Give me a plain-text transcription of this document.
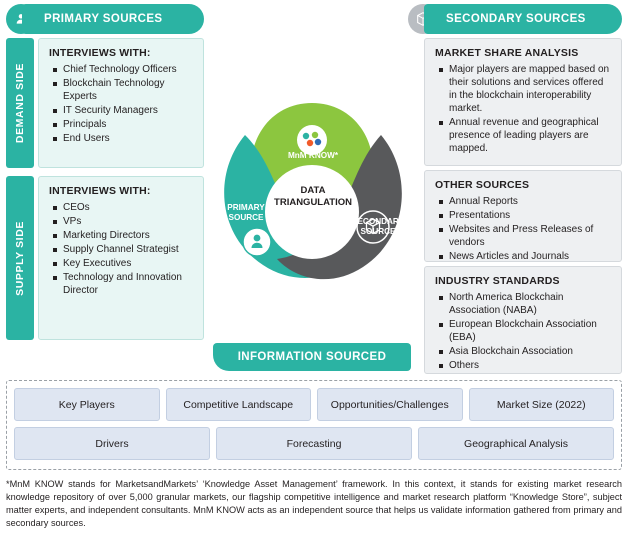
PRIMARY SOURCES	SECONDARY SOURCES
DEMAND SIDE
SUPPLY SIDE
INTERVIEWS WITH:
Chief Technology Officers
Blockchain Technology Experts
IT Security Managers
Principals
End Users
INTERVIEWS WITH:
CEOs
VPs
Marketing Directors
Supply Channel Strategist
Key Executives
Technology and Innovation Director
MARKET SHARE ANALYSIS
Major players are mapped based on their solutions and services offered in the blockchain interoperability market.
Annual revenue and geographical presence of leading players are mapped.
OTHER SOURCES
Annual Reports
Presentations
Websites and Press Releases of vendors
News Articles and Journals
INDUSTRY STANDARDS
North America Blockchain Association (NABA)
European Blockchain Association (EBA)
Asia Blockchain Association
Others
DATA TRIANGULATION
MnM KNOW*
PRIMARY SOURCE	SECONDARY SOURCE
INFORMATION SOURCED
Key Players	Competitive Landscape	Opportunities/Challenges	Market Size (2022)
Drivers	Forecasting	Geographical Analysis
*MnM KNOW stands for MarketsandMarkets’ ‘Knowledge Asset Management’ framework. In this context, it stands for existing market research knowledge repository of over 5,000 granular markets, our flagship competitive intelligence and market research platform “Knowledge Store”, subject matter experts, and independent consultants. MnM KNOW acts as an independent source that helps us validate information gathered from primary and secondary sources.
